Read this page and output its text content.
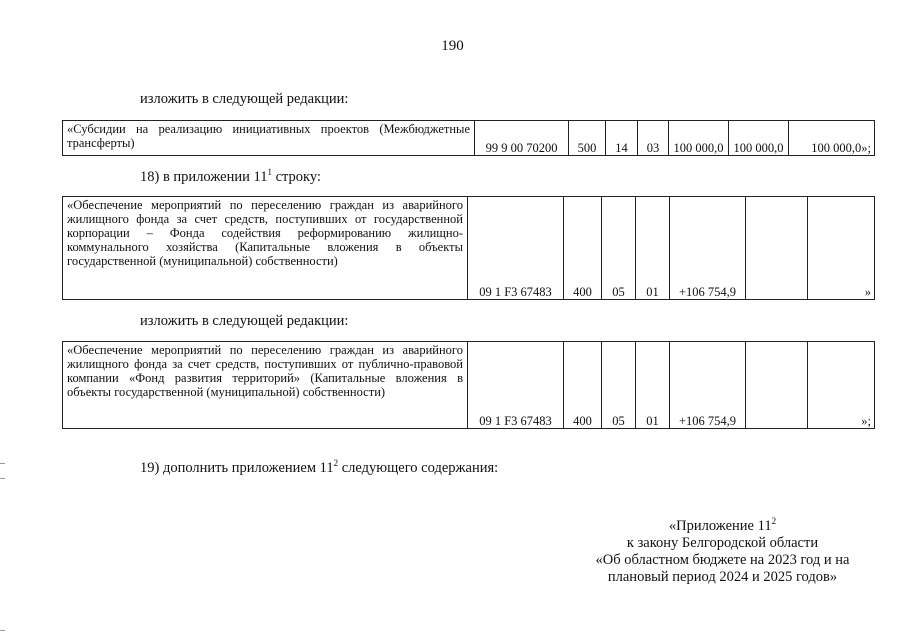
190
изложить в следующей редакции:
«Субсидии на реализацию инициативных проектов (Межбюджетные трансферты)	99 9 00 70200	500	14	03	100 000,0	100 000,0	100 000,0»;
18) в приложении $11^1$ строку:
«Обеспечение мероприятий по переселению граждан из аварийного жилищного фонда за счет средств, поступивших от государственной корпорации – Фонда содействия реформированию жилищно-коммунального хозяйства (Капитальные вложения в объекты государственной (муниципальной) собственности)	09 1 F3 67483	400	05	01	+106 754,9		»
изложить в следующей редакции:
«Обеспечение мероприятий по переселению граждан из аварийного жилищного фонда за счет средств, поступивших от публично-правовой компании «Фонд развития территорий» (Капитальные вложения в объекты государственной (муниципальной) собственности)	09 1 F3 67483	400	05	01	+106 754,9		»;
19) дополнить приложением $11^2$ следующего содержания:
«Приложение $11^2$
к закону Белгородской области
«Об областном бюджете на 2023 год и на
плановый период 2024 и 2025 годов»
